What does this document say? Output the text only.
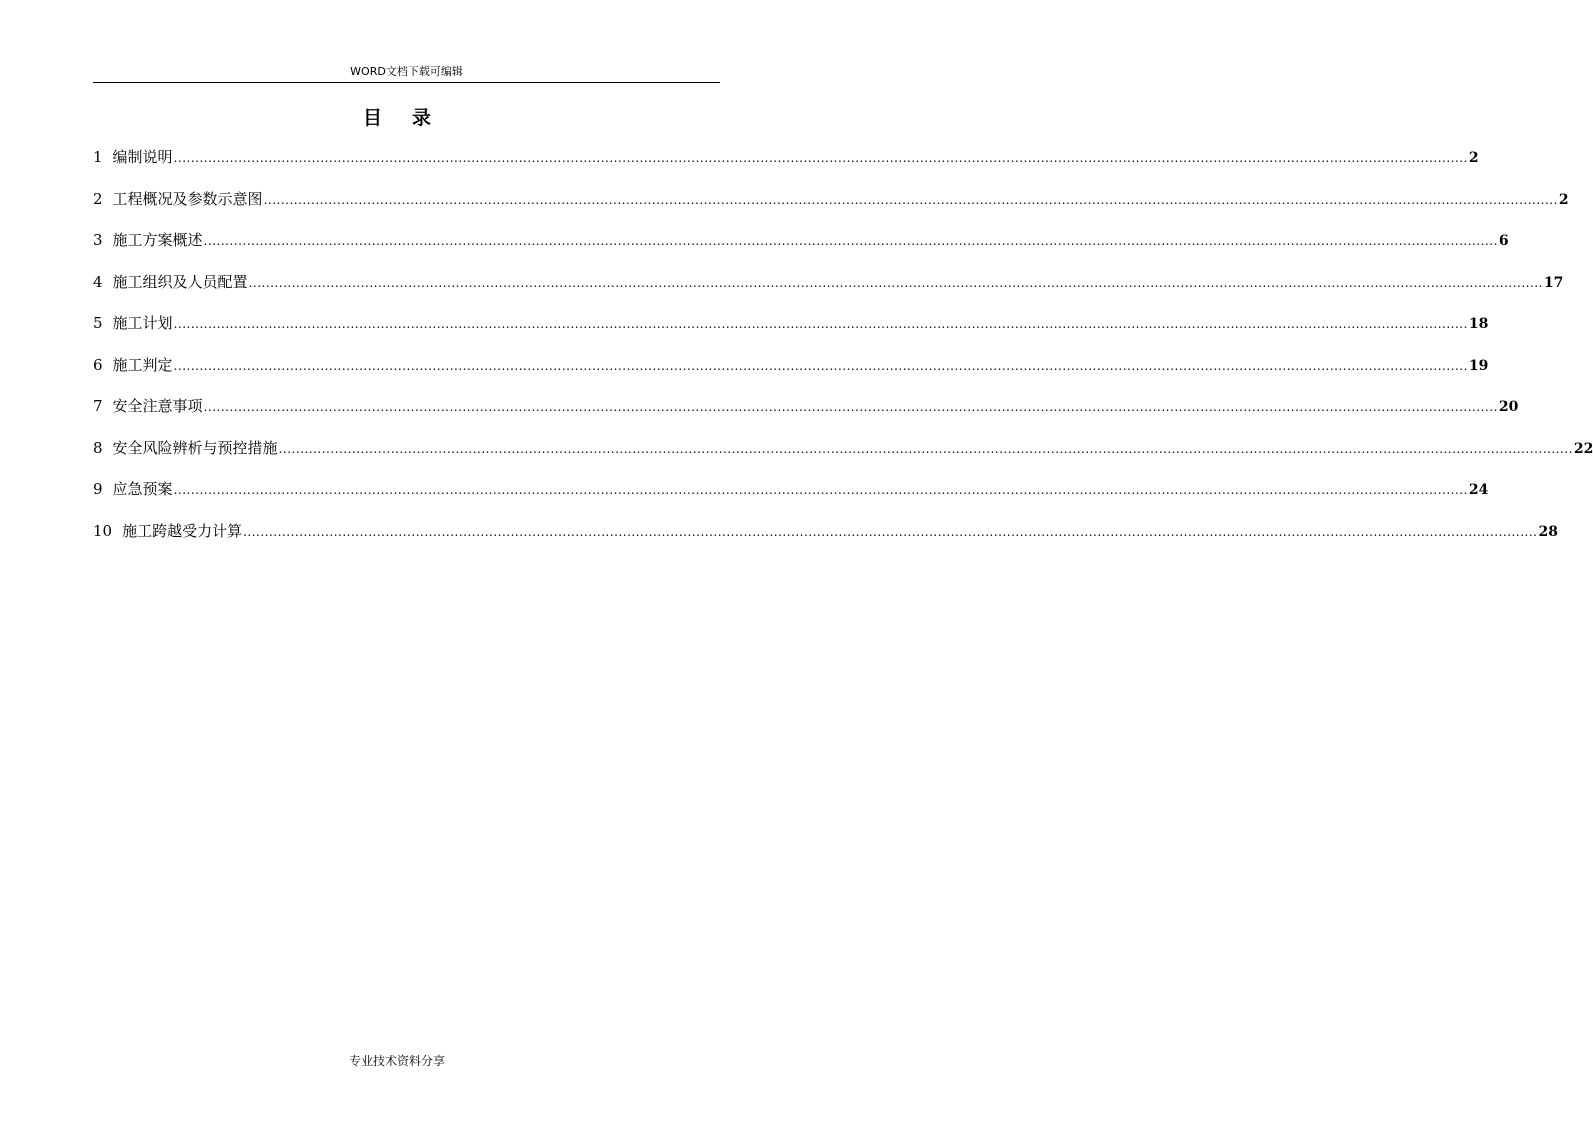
WORD文档下载可编辑
目 录
1 编制说明 ............................................................................................................................................................................................................................................................................................................ 2
2 工程概况及参数示意图 ............................................................................................................................................................................................................................................................................................................ 2
3 施工方案概述 ............................................................................................................................................................................................................................................................................................................ 6
4 施工组织及人员配置 ............................................................................................................................................................................................................................................................................................................ 17
5 施工计划 ............................................................................................................................................................................................................................................................................................................ 18
6 施工判定 ............................................................................................................................................................................................................................................................................................................ 19
7 安全注意事项 ............................................................................................................................................................................................................................................................................................................ 20
8 安全风险辨析与预控措施 ............................................................................................................................................................................................................................................................................................................ 22
9 应急预案 ............................................................................................................................................................................................................................................................................................................ 24
10 施工跨越受力计算 ............................................................................................................................................................................................................................................................................................................ 28
专业技术资料分享
